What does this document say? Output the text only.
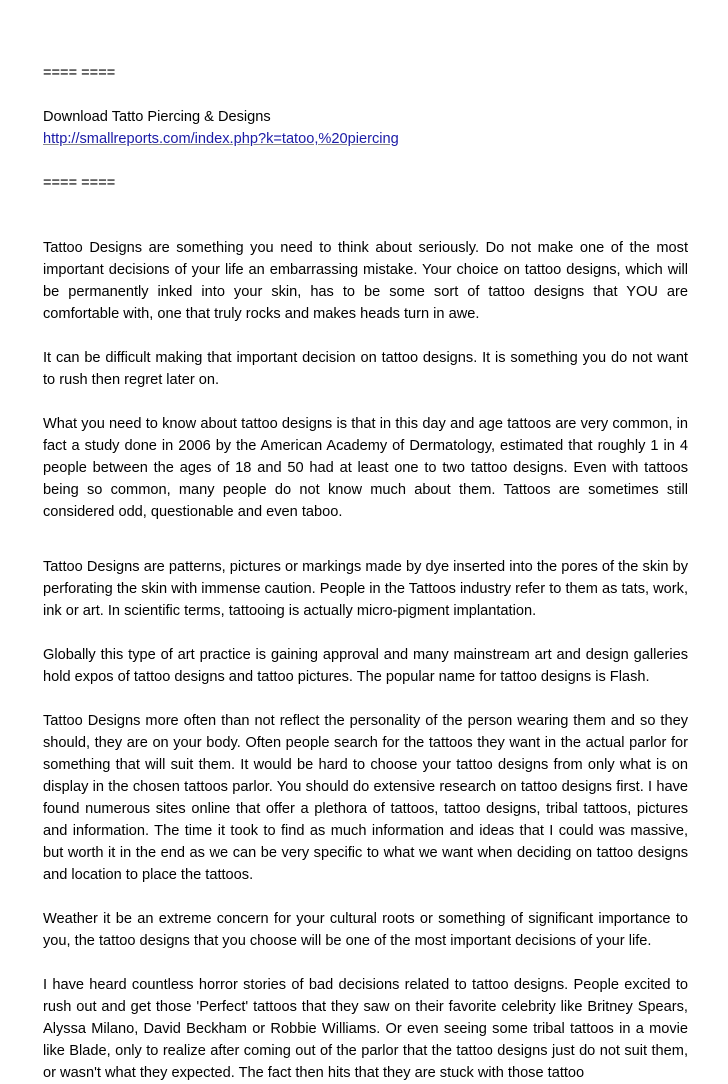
==== ====

Download Tatto Piercing & Designs

http://smallreports.com/index.php?k=tatoo,%20piercing

==== ====

Tattoo Designs are something you need to think about seriously. Do not make one of the most important decisions of your life an embarrassing mistake. Your choice on tattoo designs, which will be permanently inked into your skin, has to be some sort of tattoo designs that YOU are comfortable with, one that truly rocks and makes heads turn in awe.

It can be difficult making that important decision on tattoo designs. It is something you do not want to rush then regret later on.

What you need to know about tattoo designs is that in this day and age tattoos are very common, in fact a study done in 2006 by the American Academy of Dermatology, estimated that roughly 1 in 4 people between the ages of 18 and 50 had at least one to two tattoo designs. Even with tattoos being so common, many people do not know much about them. Tattoos are sometimes still considered odd, questionable and even taboo.

Tattoo Designs are patterns, pictures or markings made by dye inserted into the pores of the skin by perforating the skin with immense caution. People in the Tattoos industry refer to them as tats, work, ink or art. In scientific terms, tattooing is actually micro-pigment implantation.

Globally this type of art practice is gaining approval and many mainstream art and design galleries hold expos of tattoo designs and tattoo pictures. The popular name for tattoo designs is Flash.

Tattoo Designs more often than not reflect the personality of the person wearing them and so they should, they are on your body. Often people search for the tattoos they want in the actual parlor for something that will suit them. It would be hard to choose your tattoo designs from only what is on display in the chosen tattoos parlor. You should do extensive research on tattoo designs first. I have found numerous sites online that offer a plethora of tattoos, tattoo designs, tribal tattoos, pictures and information. The time it took to find as much information and ideas that I could was massive, but worth it in the end as we can be very specific to what we want when deciding on tattoo designs and location to place the tattoos.

Weather it be an extreme concern for your cultural roots or something of significant importance to you, the tattoo designs that you choose will be one of the most important decisions of your life.

I have heard countless horror stories of bad decisions related to tattoo designs. People excited to rush out and get those 'Perfect' tattoos that they saw on their favorite celebrity like Britney Spears, Alyssa Milano, David Beckham or Robbie Williams. Or even seeing some tribal tattoos in a movie like Blade, only to realize after coming out of the parlor that the tattoo designs just do not suit them, or wasn't what they expected. The fact then hits that they are stuck with those tattoo
